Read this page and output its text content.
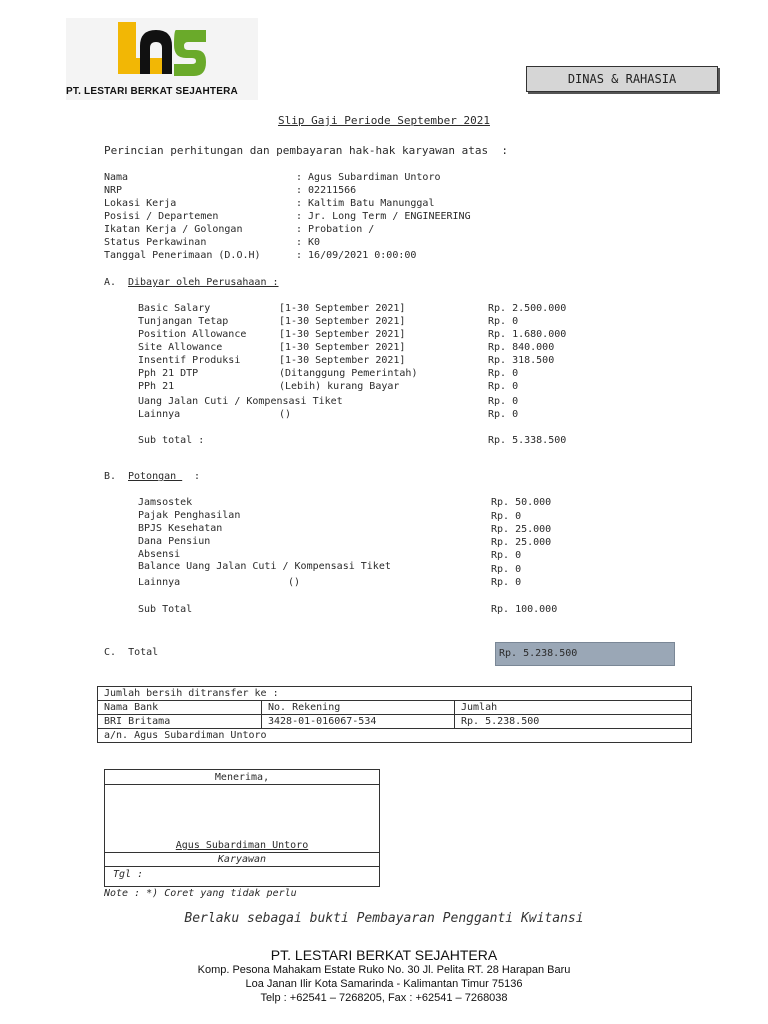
PT. LESTARI BERKAT SEJAHTERA
DINAS & RAHASIA
Slip Gaji Periode September 2021
Perincian perhitungan dan pembayaran hak-hak karyawan atas  :
Nama	: Agus Subardiman Untoro
NRP	: 02211566
Lokasi Kerja	: Kaltim Batu Manunggal
Posisi / Departemen	: Jr. Long Term / ENGINEERING
Ikatan Kerja / Golongan	: Probation /
Status Perkawinan	: K0
Tanggal Penerimaan (D.O.H)	: 16/09/2021 0:00:00
A. Dibayar oleh Perusahaan :
Basic Salary	[1-30 September 2021]	Rp. 2.500.000
Tunjangan Tetap	[1-30 September 2021]	Rp. 0
Position Allowance	[1-30 September 2021]	Rp. 1.680.000
Site Allowance	[1-30 September 2021]	Rp. 840.000
Insentif Produksi	[1-30 September 2021]	Rp. 318.500
Pph 21 DTP	(Ditanggung Pemerintah)	Rp. 0
PPh 21	(Lebih) kurang Bayar	Rp. 0
Uang Jalan Cuti / Kompensasi Tiket	Rp. 0
Lainnya	()	Rp. 0
Sub total :	Rp. 5.338.500
B. Potongan :
Jamsostek	Rp. 50.000
Pajak Penghasilan	Rp. 0
BPJS Kesehatan	Rp. 25.000
Dana Pensiun	Rp. 25.000
Absensi	Rp. 0
Balance Uang Jalan Cuti / Kompensasi Tiket	Rp. 0
Lainnya	()	Rp. 0
Sub Total	Rp. 100.000
C.  Total	Rp. 5.238.500
Jumlah bersih ditransfer ke :		
Nama Bank	No. Rekening	Jumlah
BRI Britama	3428-01-016067-534	Rp. 5.238.500
a/n. Agus Subardiman Untoro		
Menerima,
Agus Subardiman Untoro
Karyawan
Tgl :
Note : *) Coret yang tidak perlu
Berlaku sebagai bukti Pembayaran Pengganti Kwitansi
PT. LESTARI BERKAT SEJAHTERA
Komp. Pesona Mahakam Estate Ruko No. 30 Jl. Pelita RT. 28 Harapan Baru
Loa Janan Ilir Kota Samarinda - Kalimantan Timur 75136
Telp : +62541 – 7268205, Fax : +62541 – 7268038
